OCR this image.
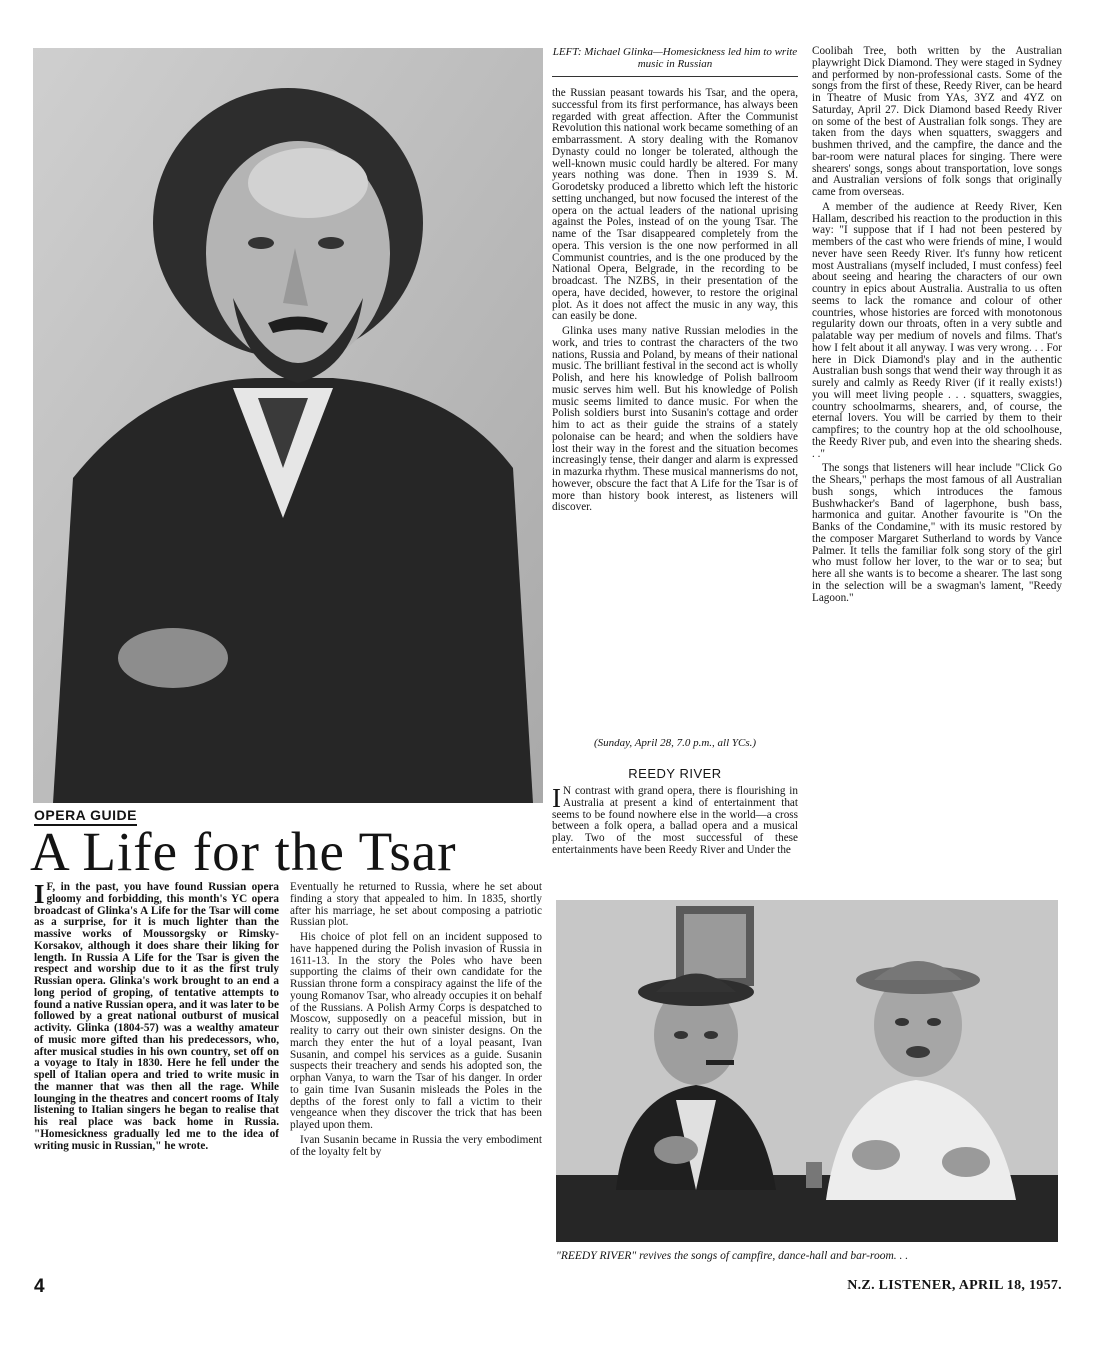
OPERA GUIDE
A Life for the Tsar

I F, in the past, you have found Russian opera gloomy and forbidding, this month's YC opera broadcast of Glinka's A Life for the Tsar will come as a surprise, for it is much lighter than the massive works of Moussorgsky or Rimsky-Korsakov, although it does share their liking for length. In Russia A Life for the Tsar is given the respect and worship due to it as the first truly Russian opera. Glinka's work brought to an end a long period of groping, of tentative attempts to found a native Russian opera, and it was later to be followed by a great national outburst of musical activity. Glinka (1804-57) was a wealthy amateur of music more gifted than his predecessors, who, after musical studies in his own country, set off on a voyage to Italy in 1830. Here he fell under the spell of Italian opera and tried to write music in the manner that was then all the rage. While lounging in the theatres and concert rooms of Italy listening to Italian singers he began to realise that his real place was back home in Russia. "Homesickness gradually led me to the idea of writing music in Russian," he wrote.

Eventually he returned to Russia, where he set about finding a story that appealed to him. In 1835, shortly after his marriage, he set about composing a patriotic Russian plot.

His choice of plot fell on an incident supposed to have happened during the Polish invasion of Russia in 1611-13. In the story the Poles who have been supporting the claims of their own candidate for the Russian throne form a conspiracy against the life of the young Romanov Tsar, who already occupies it on behalf of the Russians. A Polish Army Corps is despatched to Moscow, supposedly on a peaceful mission, but in reality to carry out their own sinister designs. On the march they enter the hut of a loyal peasant, Ivan Susanin, and compel his services as a guide. Susanin suspects their treachery and sends his adopted son, the orphan Vanya, to warn the Tsar of his danger. In order to gain time Ivan Susanin misleads the Poles in the depths of the forest only to fall a victim to their vengeance when they discover the trick that has been played upon them.

Ivan Susanin became in Russia the very embodiment of the loyalty felt by

LEFT: Michael Glinka—Homesickness led him to write music in Russian

the Russian peasant towards his Tsar, and the opera, successful from its first performance, has always been regarded with great affection. After the Communist Revolution this national work became something of an embarrassment. A story dealing with the Romanov Dynasty could no longer be tolerated, although the well-known music could hardly be altered. For many years nothing was done. Then in 1939 S. M. Gorodetsky produced a libretto which left the historic setting unchanged, but now focused the interest of the opera on the actual leaders of the national uprising against the Poles, instead of on the young Tsar. The name of the Tsar disappeared completely from the opera. This version is the one now performed in all Communist countries, and is the one produced by the National Opera, Belgrade, in the recording to be broadcast. The NZBS, in their presentation of the opera, have decided, however, to restore the original plot. As it does not affect the music in any way, this can easily be done.

Glinka uses many native Russian melodies in the work, and tries to contrast the characters of the two nations, Russia and Poland, by means of their national music. The brilliant festival in the second act is wholly Polish, and here his knowledge of Polish ballroom music serves him well. But his knowledge of Polish music seems limited to dance music. For when the Polish soldiers burst into Susanin's cottage and order him to act as their guide the strains of a stately polonaise can be heard; and when the soldiers have lost their way in the forest and the situation becomes increasingly tense, their danger and alarm is expressed in mazurka rhythm. These musical mannerisms do not, however, obscure the fact that A Life for the Tsar is of more than history book interest, as listeners will discover.

(Sunday, April 28, 7.0 p.m., all YCs.)
REEDY RIVER

I N contrast with grand opera, there is flourishing in Australia at present a kind of entertainment that seems to be found nowhere else in the world—a cross between a folk opera, a ballad opera and a musical play. Two of the most successful of these entertainments have been Reedy River and Under the

Coolibah Tree, both written by the Australian playwright Dick Diamond. They were staged in Sydney and performed by non-professional casts. Some of the songs from the first of these, Reedy River, can be heard in Theatre of Music from YAs, 3YZ and 4YZ on Saturday, April 27. Dick Diamond based Reedy River on some of the best of Australian folk songs. They are taken from the days when squatters, swaggers and bushmen thrived, and the campfire, the dance and the bar-room were natural places for singing. There were shearers' songs, songs about transportation, love songs and Australian versions of folk songs that originally came from overseas.

A member of the audience at Reedy River, Ken Hallam, described his reaction to the production in this way: "I suppose that if I had not been pestered by members of the cast who were friends of mine, I would never have seen Reedy River. It's funny how reticent most Australians (myself included, I must confess) feel about seeing and hearing the characters of our own country in epics about Australia. Australia to us often seems to lack the romance and colour of other countries, whose histories are forced with monotonous regularity down our throats, often in a very subtle and palatable way per medium of novels and films. That's how I felt about it all anyway. I was very wrong. . . For here in Dick Diamond's play and in the authentic Australian bush songs that wend their way through it as surely and calmly as Reedy River (if it really exists!) you will meet living people . . . squatters, swaggies, country schoolmarms, shearers, and, of course, the eternal lovers. You will be carried by them to their campfires; to the country hop at the old schoolhouse, the Reedy River pub, and even into the shearing sheds. . ."

The songs that listeners will hear include "Click Go the Shears," perhaps the most famous of all Australian bush songs, which introduces the famous Bushwhacker's Band of lagerphone, bush bass, harmonica and guitar. Another favourite is "On the Banks of the Condamine," with its music restored by the composer Margaret Sutherland to words by Vance Palmer. It tells the familiar folk song story of the girl who must follow her lover, to the war or to sea; but here all she wants is to become a shearer. The last song in the selection will be a swagman's lament, "Reedy Lagoon."

"REEDY RIVER" revives the songs of campfire, dance-hall and bar-room. . .
4	N.Z. LISTENER, APRIL 18, 1957.
